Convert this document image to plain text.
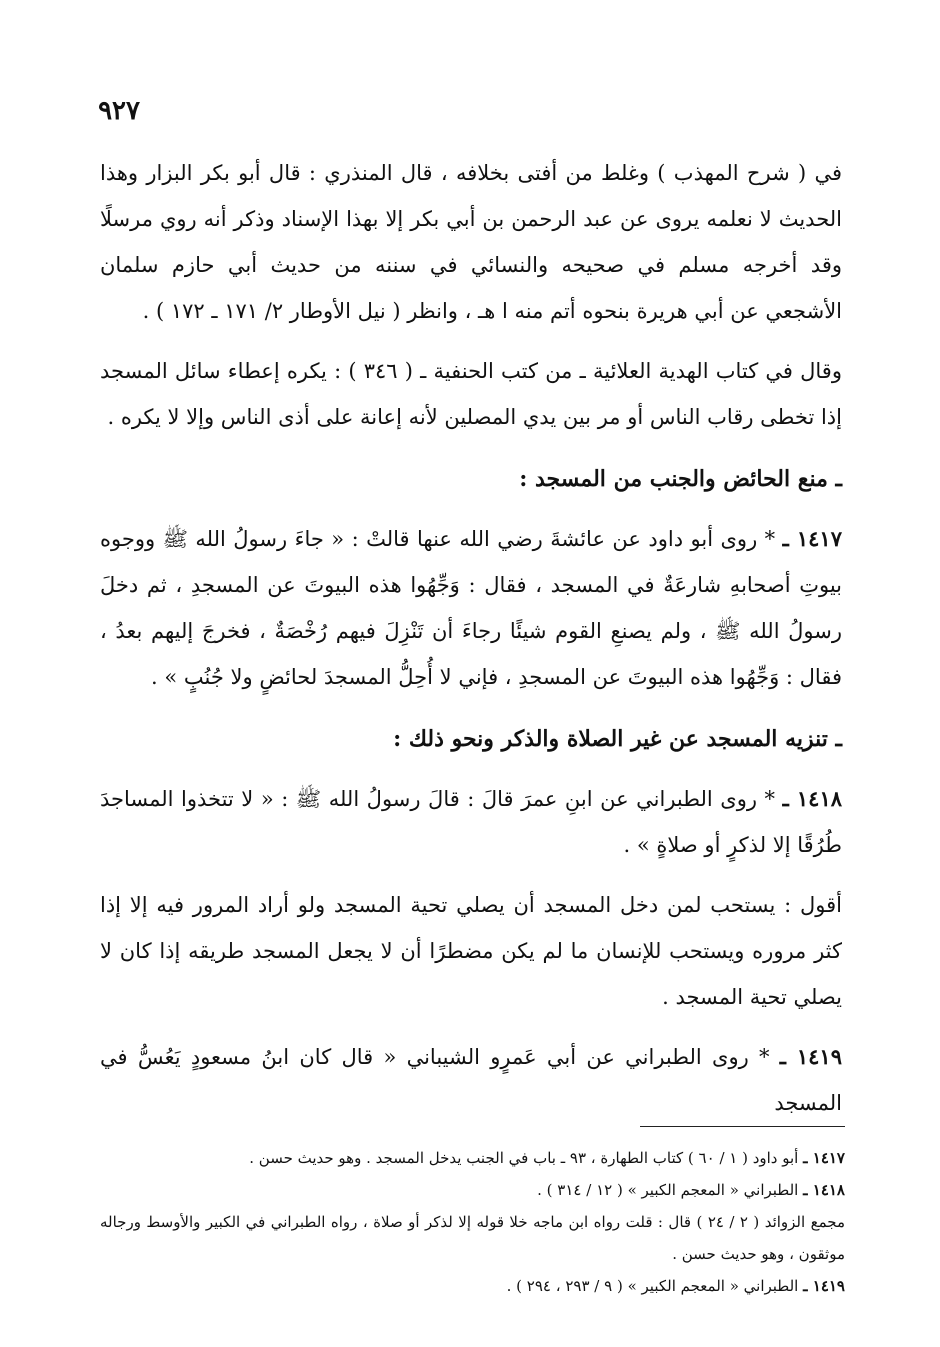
٩٢٧

في ( شرح المهذب ) وغلط من أفتى بخلافه ، قال المنذري : قال أبو بكر البزار وهذا الحديث لا نعلمه يروى عن عبد الرحمن بن أبي بكر إلا بهذا الإسناد وذكر أنه روي مرسلًا وقد أخرجه مسلم في صحيحه والنسائي في سننه من حديث أبي حازم سلمان الأشجعي عن أبي هريرة بنحوه أتم منه ا هـ ، وانظر ( نيل الأوطار ٢/ ١٧١ ـ ١٧٢ ) .

وقال في كتاب الهدية العلائية ـ من كتب الحنفية ـ ( ٣٤٦ ) : يكره إعطاء سائل المسجد إذا تخطى رقاب الناس أو مر بين يدي المصلين لأنه إعانة على أذى الناس وإلا لا يكره .

ـ منع الحائض والجنب من المسجد :

١٤١٧ ـ * روى أبو داود عن عائشةَ رضي الله عنها قالتْ : « جاءَ رسولُ الله ﷺ ووجوه بيوتِ أصحابهِ شارعَةٌ في المسجد ، فقال : وَجِّهُوا هذه البيوتَ عن المسجدِ ، ثم دخلَ رسولُ الله ﷺ ، ولم يصنعِ القوم شيئًا رجاءَ أن تَنْزِلَ فيهم رُخْصَةٌ ، فخرجَ إليهم بعدُ ، فقال : وَجِّهُوا هذه البيوتَ عن المسجدِ ، فإني لا أُحِلُّ المسجدَ لحائضٍ ولا جُنُبٍ » .

ـ تنزيه المسجد عن غير الصلاة والذكر ونحو ذلك :

١٤١٨ ـ * روى الطبراني عن ابنِ عمرَ قالَ : قالَ رسولُ الله ﷺ : « لا تتخذوا المساجدَ طُرُقًا إلا لذكرٍ أو صلاةٍ » .

أقول : يستحب لمن دخل المسجد أن يصلي تحية المسجد ولو أراد المرور فيه إلا إذا كثر مروره ويستحب للإنسان ما لم يكن مضطرًا أن لا يجعل المسجد طريقه إذا كان لا يصلي تحية المسجد .

١٤١٩ ـ * روى الطبراني عن أبي عَمرٍو الشيباني « قال كان ابنُ مسعودٍ يَعُسُّ في المسجد

١٤١٧ ـ أبو داود ( ١ / ٦٠ ) كتاب الطهارة ، ٩٣ ـ باب في الجنب يدخل المسجد . وهو حديث حسن .

١٤١٨ ـ الطبراني « المعجم الكبير » ( ١٢ / ٣١٤ ) .

مجمع الزوائد ( ٢ / ٢٤ ) قال : قلت رواه ابن ماجه خلا قوله إلا لذكر أو صلاة ، رواه الطبراني في الكبير والأوسط ورجاله موثقون ، وهو حديث حسن .

١٤١٩ ـ الطبراني « المعجم الكبير » ( ٩ / ٢٩٣ ، ٢٩٤ ) .
